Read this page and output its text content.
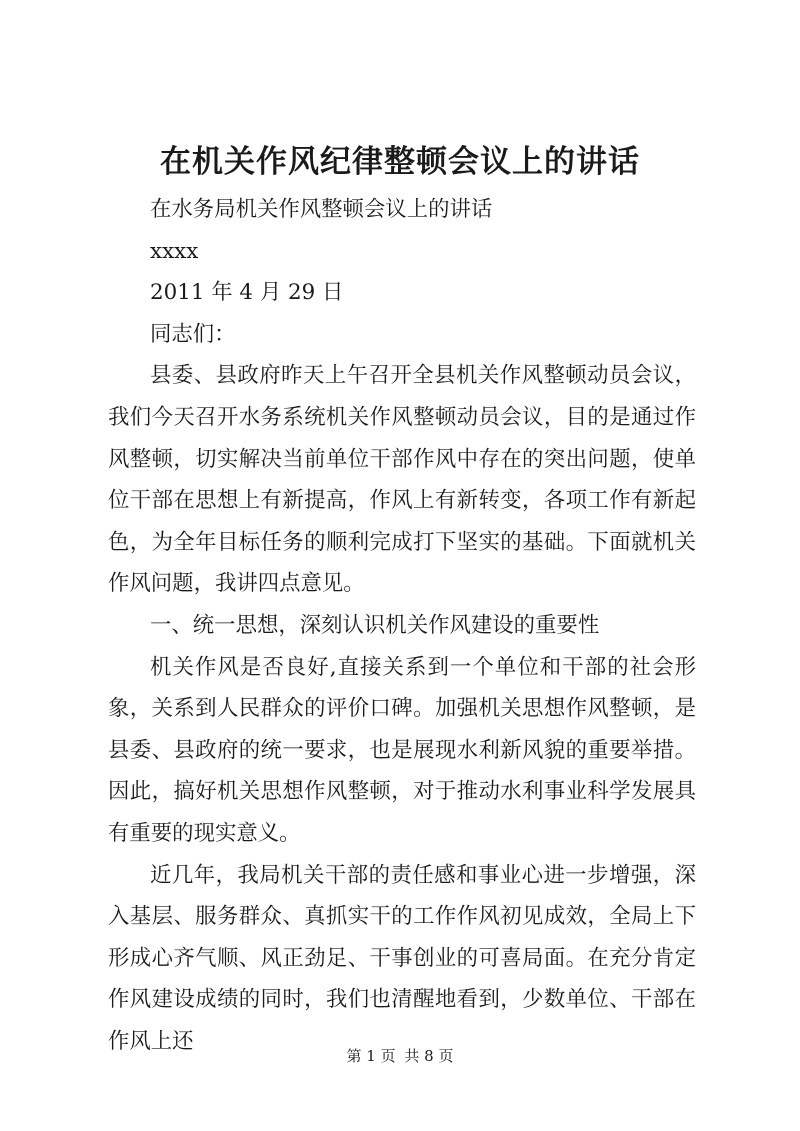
在机关作风纪律整顿会议上的讲话

在水务局机关作风整顿会议上的讲话

xxxx

2011 年 4 月 29 日

同志们：

县委、县政府昨天上午召开全县机关作风整顿动员会议，我们今天召开水务系统机关作风整顿动员会议，目的是通过作风整顿，切实解决当前单位干部作风中存在的突出问题，使单位干部在思想上有新提高，作风上有新转变，各项工作有新起色，为全年目标任务的顺利完成打下坚实的基础。下面就机关作风问题，我讲四点意见。

一、统一思想，深刻认识机关作风建设的重要性

机关作风是否良好,直接关系到一个单位和干部的社会形象，关系到人民群众的评价口碑。加强机关思想作风整顿，是县委、县政府的统一要求，也是展现水利新风貌的重要举措。因此，搞好机关思想作风整顿，对于推动水利事业科学发展具有重要的现实意义。

近几年，我局机关干部的责任感和事业心进一步增强，深入基层、服务群众、真抓实干的工作作风初见成效，全局上下形成心齐气顺、风正劲足、干事创业的可喜局面。在充分肯定作风建设成绩的同时，我们也清醒地看到，少数单位、干部在作风上还

第 1 页 共 8 页
